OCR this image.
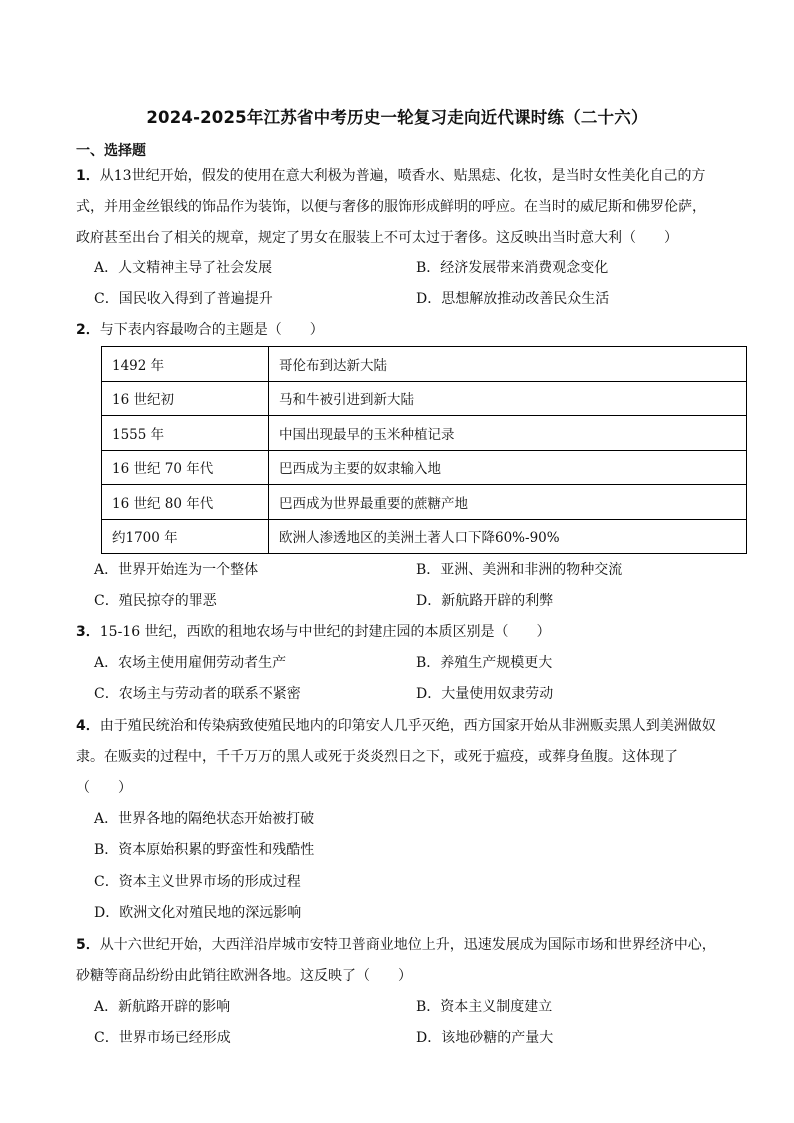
2024-2025年江苏省中考历史一轮复习走向近代课时练（二十六）
一、选择题
1．从13世纪开始，假发的使用在意大利极为普遍，喷香水、贴黑痣、化妆，是当时女性美化自己的方
式，并用金丝银线的饰品作为装饰，以便与奢侈的服饰形成鲜明的呼应。在当时的威尼斯和佛罗伦萨，
政府甚至出台了相关的规章，规定了男女在服装上不可太过于奢侈。这反映出当时意大利（　　）
A．人文精神主导了社会发展	B．经济发展带来消费观念变化
C．国民收入得到了普遍提升	D．思想解放推动改善民众生活
2．与下表内容最吻合的主题是（　　）
1492 年	哥伦布到达新大陆
16 世纪初	马和牛被引进到新大陆
1555 年	中国出现最早的玉米种植记录
16 世纪 70 年代	巴西成为主要的奴隶输入地
16 世纪 80 年代	巴西成为世界最重要的蔗糖产地
约1700 年	欧洲人渗透地区的美洲土著人口下降60%-90%
A．世界开始连为一个整体	B．亚洲、美洲和非洲的物种交流
C．殖民掠夺的罪恶	D．新航路开辟的利弊
3．15-16 世纪，西欧的租地农场与中世纪的封建庄园的本质区别是（　　）
A．农场主使用雇佣劳动者生产	B．养殖生产规模更大
C．农场主与劳动者的联系不紧密	D．大量使用奴隶劳动
4．由于殖民统治和传染病致使殖民地内的印第安人几乎灭绝，西方国家开始从非洲贩卖黑人到美洲做奴
隶。在贩卖的过程中，千千万万的黑人或死于炎炎烈日之下，或死于瘟疫，或葬身鱼腹。这体现了
（　　）
A．世界各地的隔绝状态开始被打破
B．资本原始积累的野蛮性和残酷性
C．资本主义世界市场的形成过程
D．欧洲文化对殖民地的深远影响
5．从十六世纪开始，大西洋沿岸城市安特卫普商业地位上升，迅速发展成为国际市场和世界经济中心，
砂糖等商品纷纷由此销往欧洲各地。这反映了（　　）
A．新航路开辟的影响	B．资本主义制度建立
C．世界市场已经形成	D．该地砂糖的产量大
